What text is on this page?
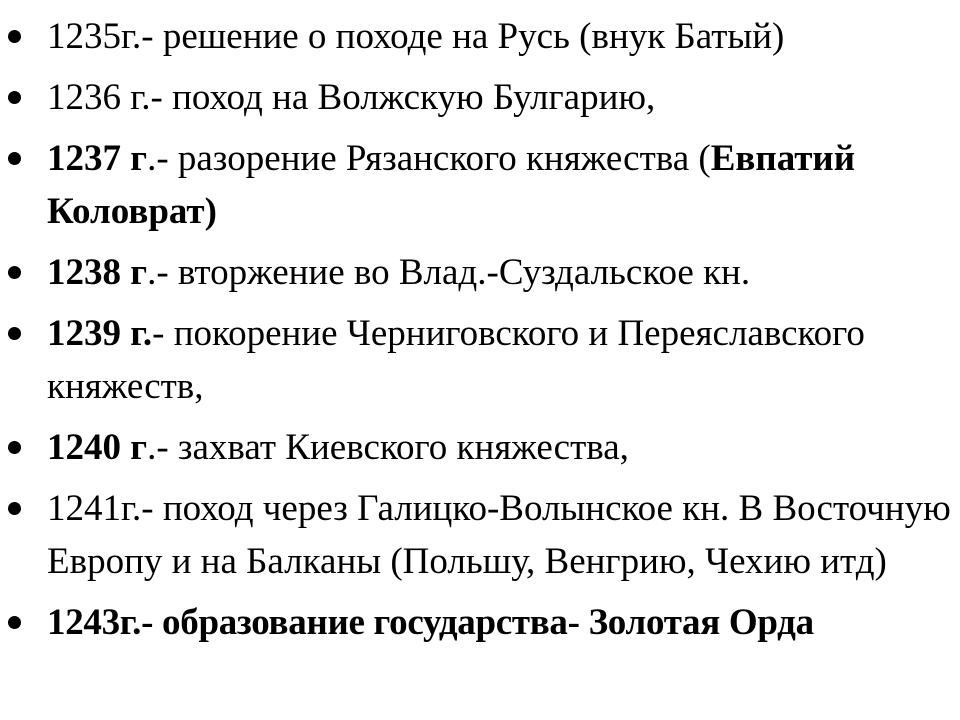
1235г.- решение о походе на Русь (внук Батый)
1236 г.- поход на Волжскую Булгарию,
1237 г.- разорение Рязанского княжества (Евпатий Коловрат)
1238 г.- вторжение во Влад.-Суздальское кн.
1239 г.- покорение Черниговского и Переяславского княжеств,
1240 г.- захват Киевского княжества,
1241г.- поход через Галицко-Волынское кн. В Восточную Европу и на Балканы (Польшу, Венгрию, Чехию итд)
1243г.- образование государства- Золотая Орда
